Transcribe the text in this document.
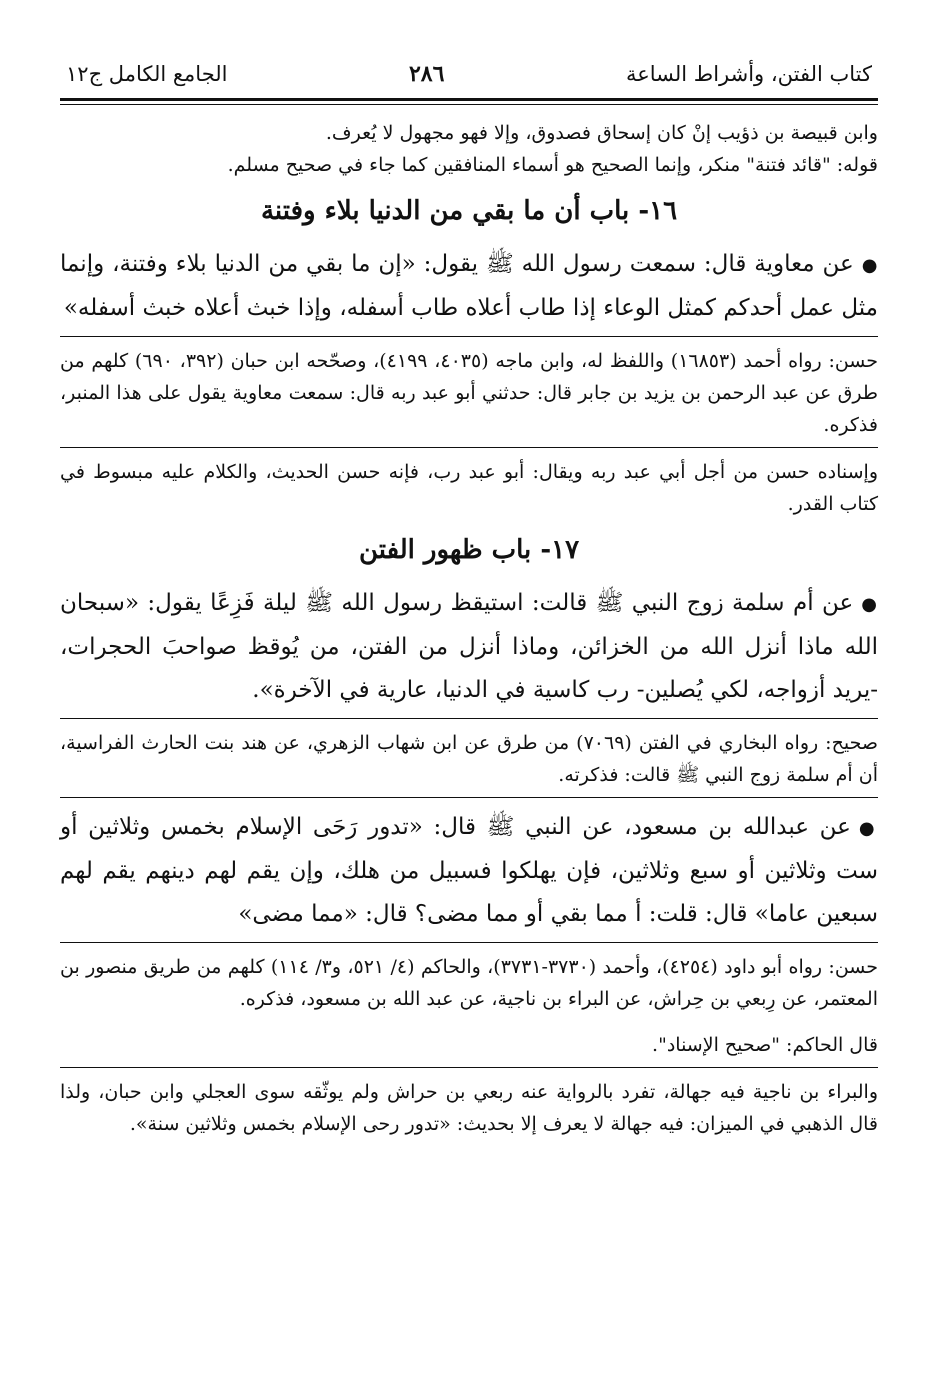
كتاب الفتن، وأشراط الساعة
٢٨٦
الجامع الكامل ج١٢

وابن قبيصة بن ذؤيب إنْ كان إسحاق فصدوق، وإلا فهو مجهول لا يُعرف.

قوله: "قائد فتنة" منكر، وإنما الصحيح هو أسماء المنافقين كما جاء في صحيح مسلم.

١٦- باب أن ما بقي من الدنيا بلاء وفتنة

● عن معاوية قال: سمعت رسول الله ﷺ يقول: «إن ما بقي من الدنيا بلاء وفتنة، وإنما مثل عمل أحدكم كمثل الوعاء إذا طاب أعلاه طاب أسفله، وإذا خبث أعلاه خبث أسفله»

حسن: رواه أحمد (١٦٨٥٣) واللفظ له، وابن ماجه (٤٠٣٥، ٤١٩٩)، وصحّحه ابن حبان (٣٩٢، ٦٩٠) كلهم من طرق عن عبد الرحمن بن يزيد بن جابر قال: حدثني أبو عبد ربه قال: سمعت معاوية يقول على هذا المنبر، فذكره.

وإسناده حسن من أجل أبي عبد ربه ويقال: أبو عبد رب، فإنه حسن الحديث، والكلام عليه مبسوط في كتاب القدر.

١٧- باب ظهور الفتن

● عن أم سلمة زوج النبي ﷺ قالت: استيقظ رسول الله ﷺ ليلة فَزِعًا يقول: «سبحان الله ماذا أنزل الله من الخزائن، وماذا أنزل من الفتن، من يُوقظ صواحبَ الحجرات، -يريد أزواجه، لكي يُصلين- رب كاسية في الدنيا، عارية في الآخرة».

صحيح: رواه البخاري في الفتن (٧٠٦٩) من طرق عن ابن شهاب الزهري، عن هند بنت الحارث الفراسية، أن أم سلمة زوج النبي ﷺ قالت: فذكرته.

● عن عبدالله بن مسعود، عن النبي ﷺ قال: «تدور رَحَى الإسلام بخمس وثلاثين أو ست وثلاثين أو سبع وثلاثين، فإن يهلكوا فسبيل من هلك، وإن يقم لهم دينهم يقم لهم سبعين عاما» قال: قلت: أ مما بقي أو مما مضى؟ قال: «مما مضى»

حسن: رواه أبو داود (٤٢٥٤)، وأحمد (٣٧٣٠-٣٧٣١)، والحاكم (٤/ ٥٢١، و٣/ ١١٤) كلهم من طريق منصور بن المعتمر، عن رِبعي بن حِراش، عن البراء بن ناجية، عن عبد الله بن مسعود، فذكره.

قال الحاكم: "صحيح الإسناد".

والبراء بن ناجية فيه جهالة، تفرد بالرواية عنه ربعي بن حراش ولم يوثّقه سوى العجلي وابن حبان، ولذا قال الذهبي في الميزان: فيه جهالة لا يعرف إلا بحديث: «تدور رحى الإسلام بخمس وثلاثين سنة».
